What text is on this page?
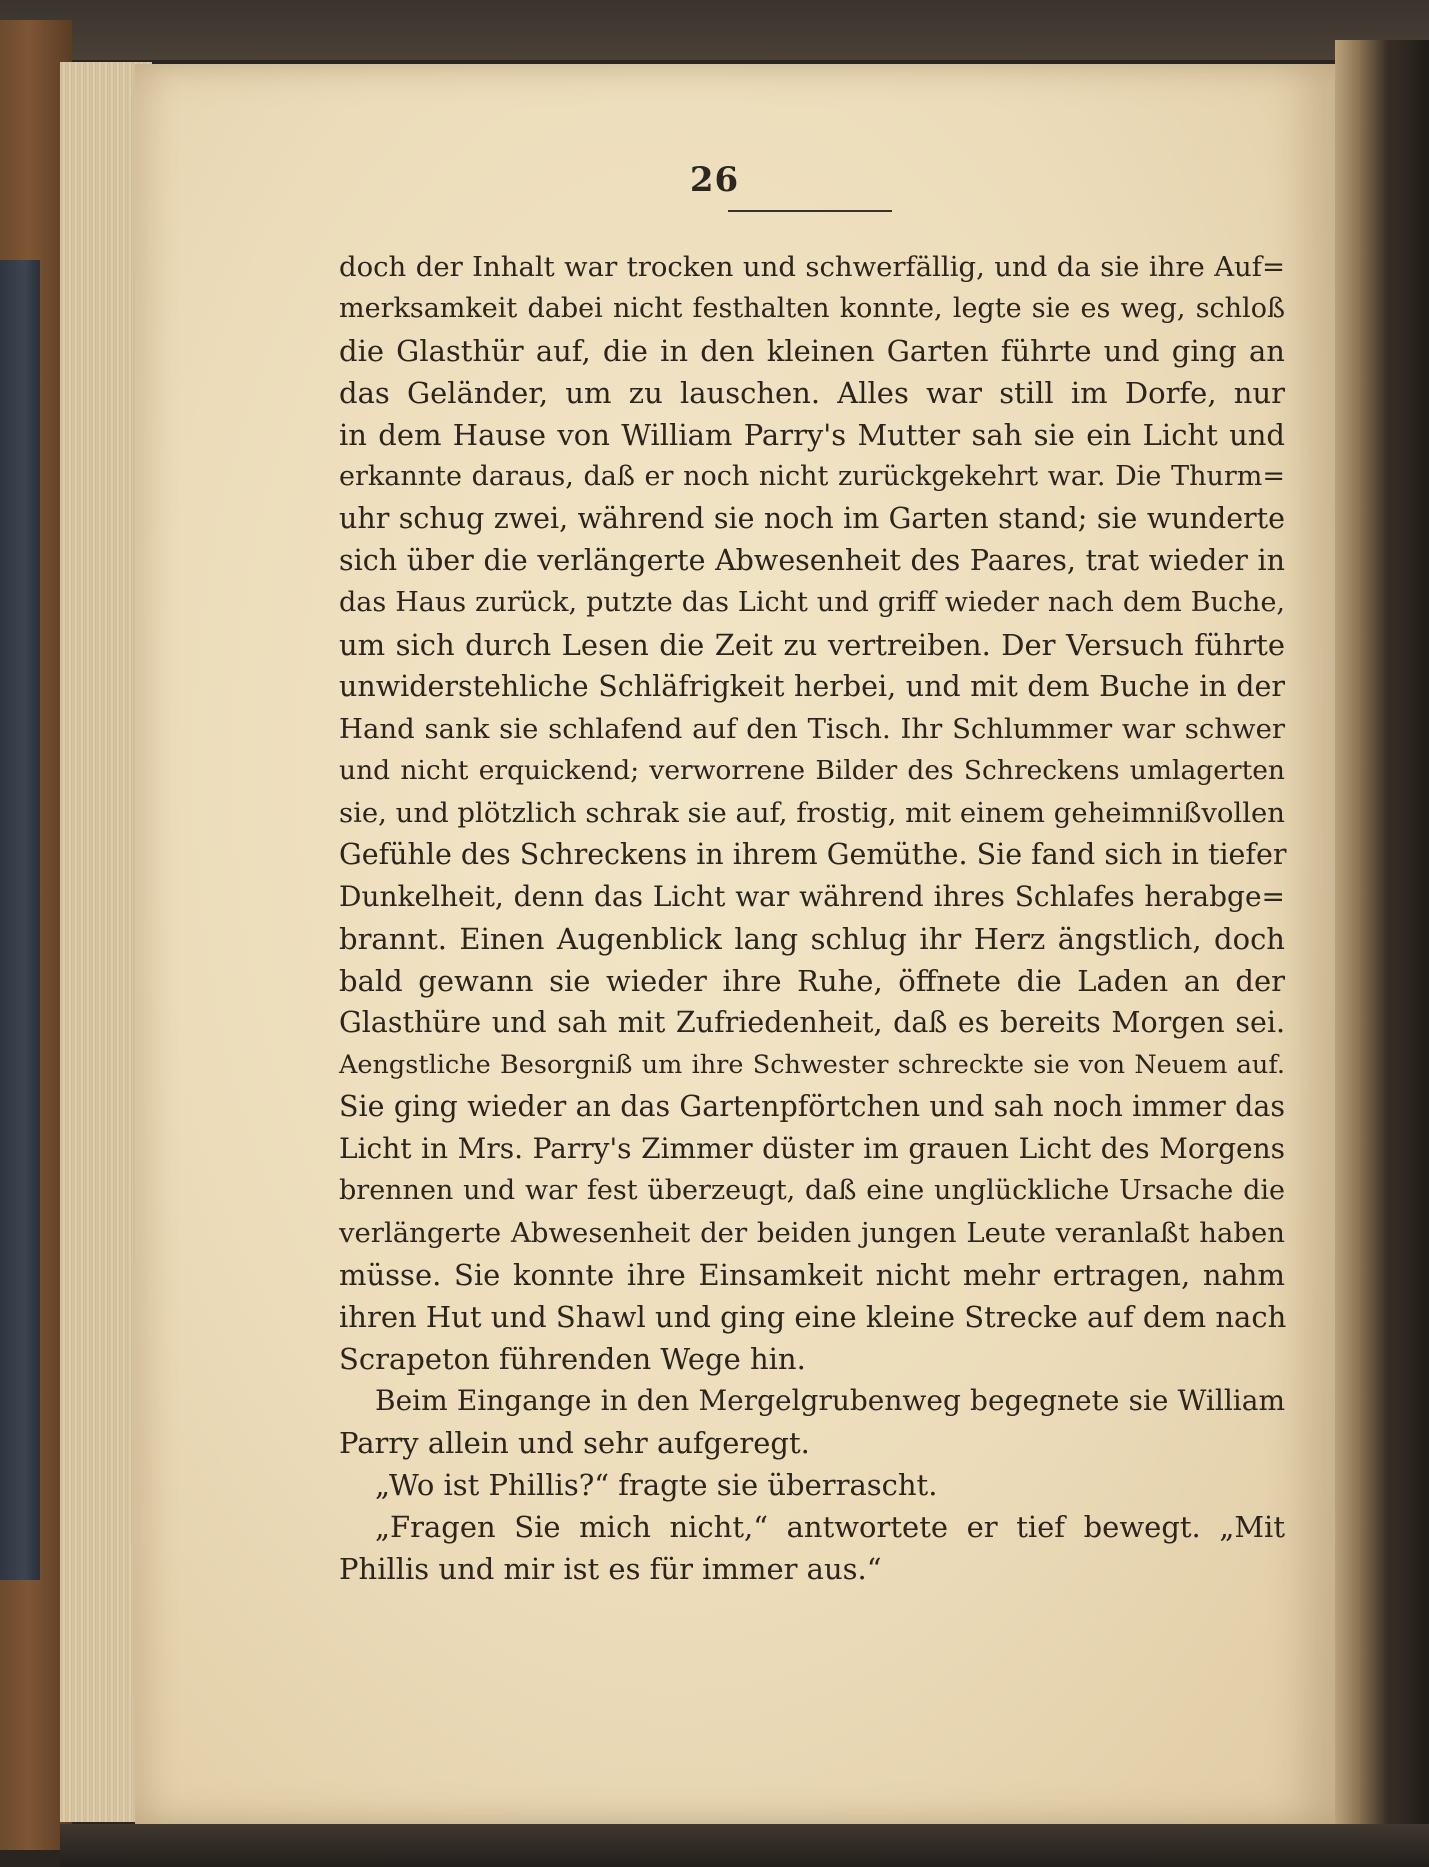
26
doch der Inhalt war trocken und schwerfällig, und da sie ihre Auf=
merksamkeit dabei nicht festhalten konnte, legte sie es weg, schloß
die Glasthür auf, die in den kleinen Garten führte und ging an
das Geländer, um zu lauschen. Alles war still im Dorfe, nur
in dem Hause von William Parry's Mutter sah sie ein Licht und
erkannte daraus, daß er noch nicht zurückgekehrt war. Die Thurm=
uhr schug zwei, während sie noch im Garten stand; sie wunderte
sich über die verlängerte Abwesenheit des Paares, trat wieder in
das Haus zurück, putzte das Licht und griff wieder nach dem Buche,
um sich durch Lesen die Zeit zu vertreiben. Der Versuch führte
unwiderstehliche Schläfrigkeit herbei, und mit dem Buche in der
Hand sank sie schlafend auf den Tisch. Ihr Schlummer war schwer
und nicht erquickend; verworrene Bilder des Schreckens umlagerten
sie, und plötzlich schrak sie auf, frostig, mit einem geheimnißvollen
Gefühle des Schreckens in ihrem Gemüthe. Sie fand sich in tiefer
Dunkelheit, denn das Licht war während ihres Schlafes herabge=
brannt. Einen Augenblick lang schlug ihr Herz ängstlich, doch
bald gewann sie wieder ihre Ruhe, öffnete die Laden an der
Glasthüre und sah mit Zufriedenheit, daß es bereits Morgen sei.
Aengstliche Besorgniß um ihre Schwester schreckte sie von Neuem auf.
Sie ging wieder an das Gartenpförtchen und sah noch immer das
Licht in Mrs. Parry's Zimmer düster im grauen Licht des Morgens
brennen und war fest überzeugt, daß eine unglückliche Ursache die
verlängerte Abwesenheit der beiden jungen Leute veranlaßt haben
müsse. Sie konnte ihre Einsamkeit nicht mehr ertragen, nahm
ihren Hut und Shawl und ging eine kleine Strecke auf dem nach
Scrapeton führenden Wege hin.
Beim Eingange in den Mergelgrubenweg begegnete sie William
Parry allein und sehr aufgeregt.
„Wo ist Phillis?“ fragte sie überrascht.
„Fragen Sie mich nicht,“ antwortete er tief bewegt. „Mit
Phillis und mir ist es für immer aus.“
